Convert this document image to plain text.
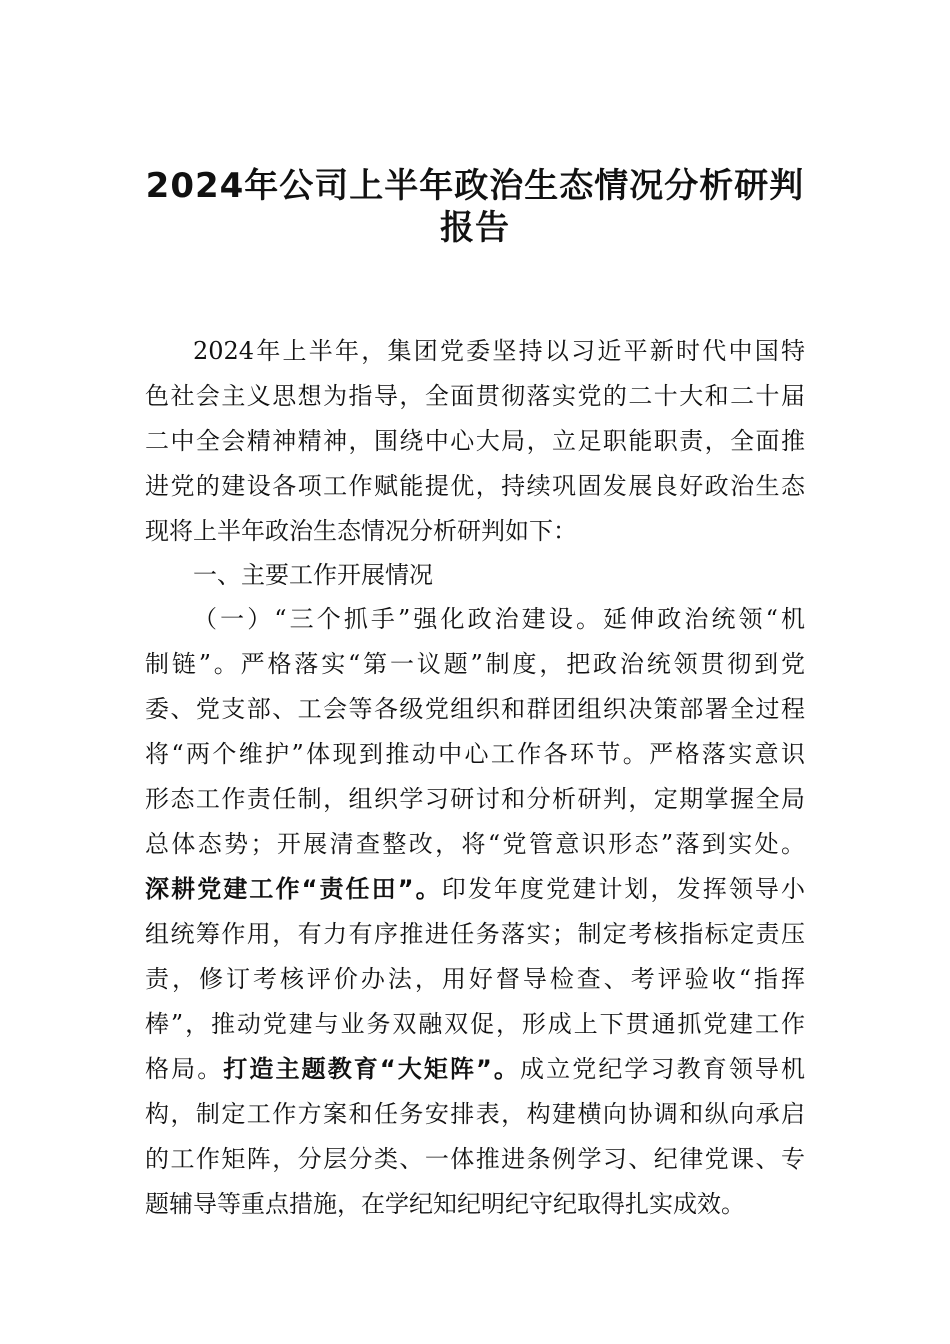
2024年公司上半年政治生态情况分析研判
报告
2024年上半年，集团党委坚持以习近平新时代中国特
色社会主义思想为指导，全面贯彻落实党的二十大和二十届
二中全会精神精神，围绕中心大局，立足职能职责，全面推
进党的建设各项工作赋能提优，持续巩固发展良好政治生态
现将上半年政治生态情况分析研判如下：
一、主要工作开展情况
（一）“三个抓手”强化政治建设。延伸政治统领“机
制链”。严格落实“第一议题”制度，把政治统领贯彻到党
委、党支部、工会等各级党组织和群团组织决策部署全过程
将“两个维护”体现到推动中心工作各环节。严格落实意识
形态工作责任制，组织学习研讨和分析研判，定期掌握全局
总体态势；开展清查整改，将“党管意识形态”落到实处。
深耕党建工作“责任田”。印发年度党建计划，发挥领导小
组统筹作用，有力有序推进任务落实；制定考核指标定责压
责，修订考核评价办法，用好督导检查、考评验收“指挥
棒”，推动党建与业务双融双促，形成上下贯通抓党建工作
格局。打造主题教育“大矩阵”。成立党纪学习教育领导机
构，制定工作方案和任务安排表，构建横向协调和纵向承启
的工作矩阵，分层分类、一体推进条例学习、纪律党课、专
题辅导等重点措施，在学纪知纪明纪守纪取得扎实成效。
